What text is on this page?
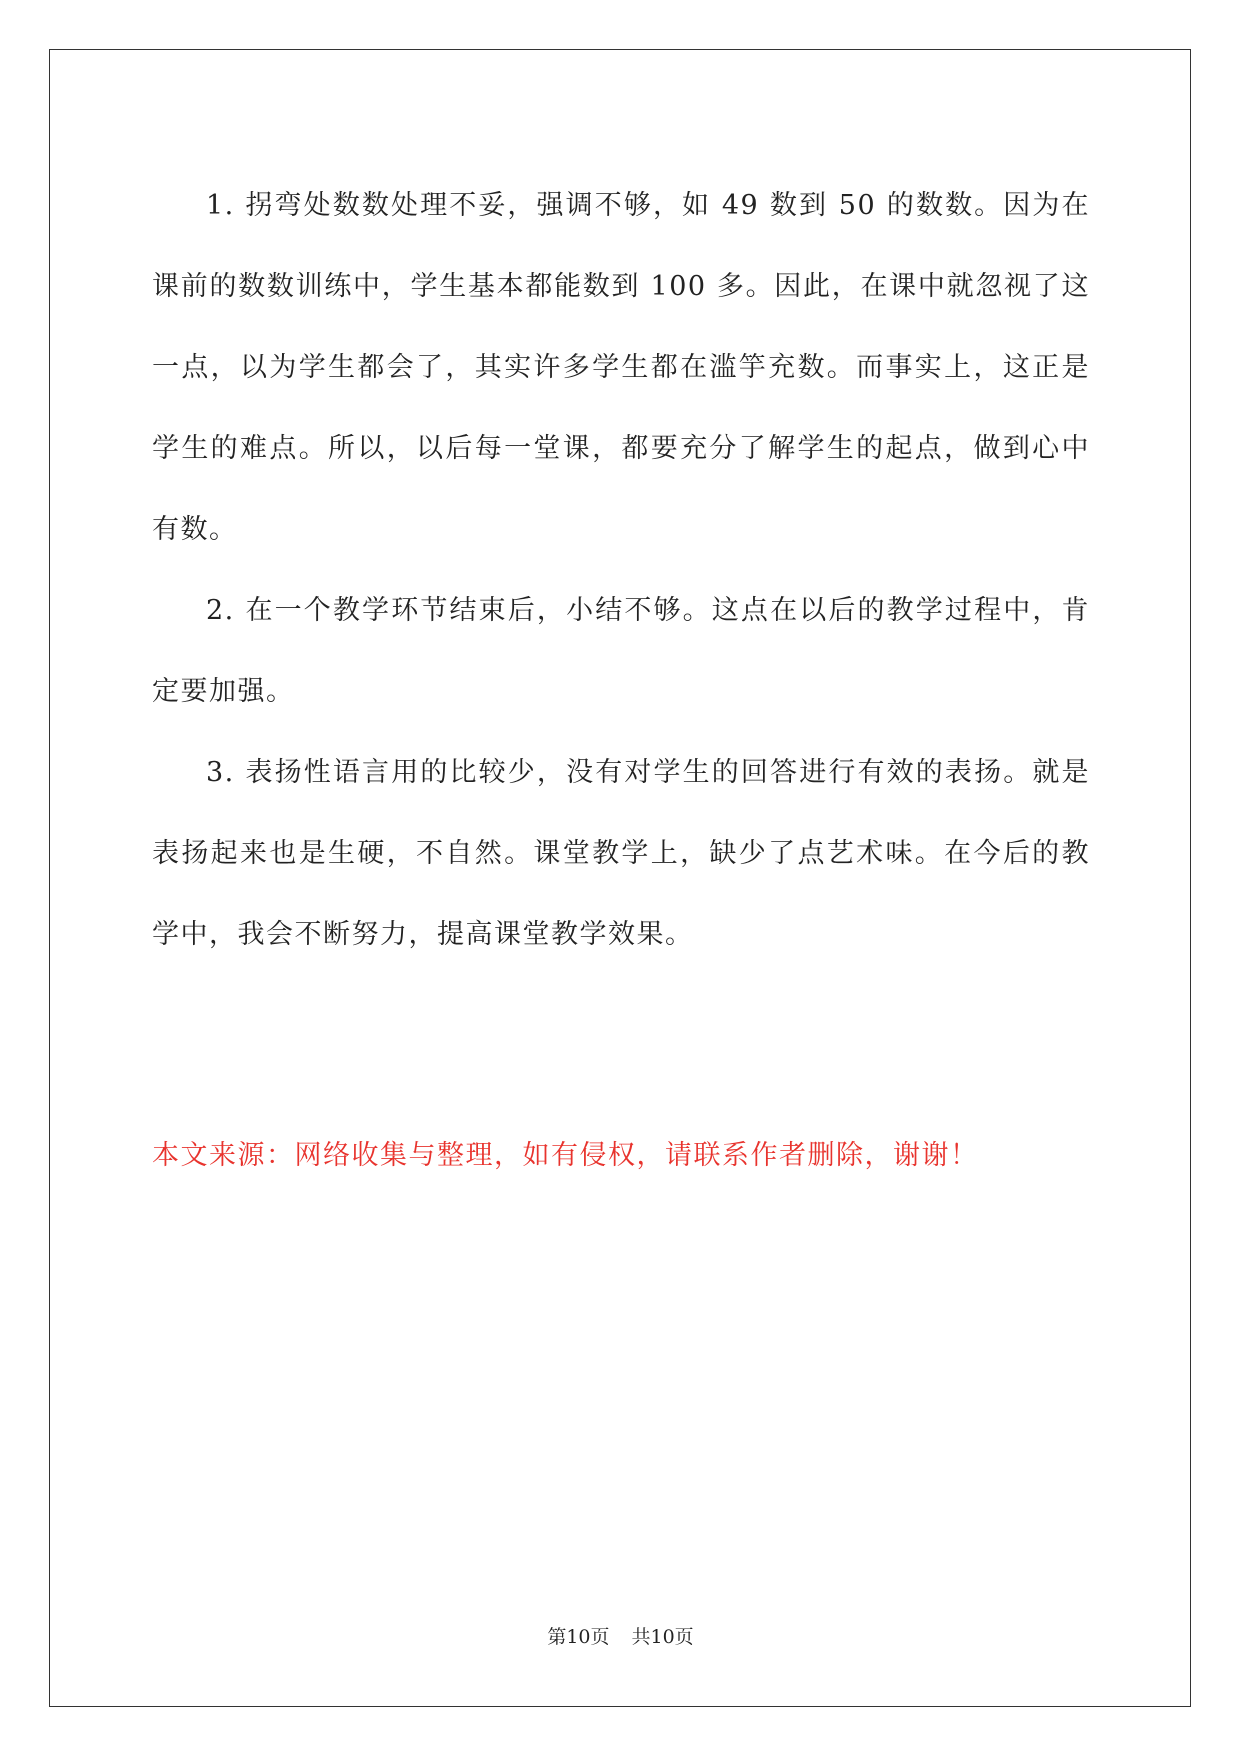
1. 拐弯处数数处理不妥，强调不够，如 49 数到 50 的数数。因为在课前的数数训练中，学生基本都能数到 100 多。因此，在课中就忽视了这一点，以为学生都会了，其实许多学生都在滥竽充数。而事实上，这正是学生的难点。所以，以后每一堂课，都要充分了解学生的起点，做到心中有数。

2. 在一个教学环节结束后，小结不够。这点在以后的教学过程中，肯定要加强。

3. 表扬性语言用的比较少，没有对学生的回答进行有效的表扬。就是表扬起来也是生硬，不自然。课堂教学上，缺少了点艺术味。在今后的教学中，我会不断努力，提高课堂教学效果。

本文来源：网络收集与整理，如有侵权，请联系作者删除，谢谢！

第10页 共10页
